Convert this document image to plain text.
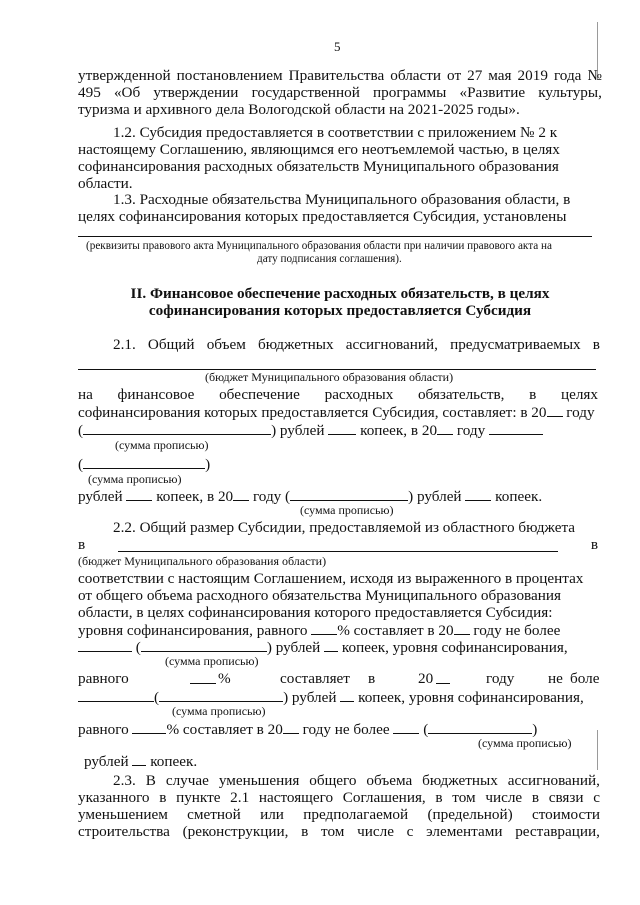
5
утвержденной постановлением Правительства области от 27 мая 2019 года №
495 «Об утверждении государственной программы «Развитие культуры,
туризма и архивного дела Вологодской области на 2021-2025 годы».
1.2. Субсидия предоставляется в соответствии с приложением № 2 к
настоящему Соглашению, являющимся его неотъемлемой частью, в целях
софинансирования расходных обязательств Муниципального образования
области.
1.3. Расходные обязательства Муниципального образования области, в
целях софинансирования которых предоставляется Субсидия, установлены
(реквизиты правового акта Муниципального образования области при наличии правового акта на
дату подписания соглашения).
II. Финансовое обеспечение расходных обязательств, в целях
софинансирования которых предоставляется Субсидия
2.1. Общий объем бюджетных ассигнований, предусматриваемых в
(бюджет Муниципального образования области)
на финансовое обеспечение расходных обязательств, в целях
софинансирования которых предоставляется Субсидия, составляет: в 20 году
(	) рублей копеек, в 20 году
(сумма прописью)
(	)
(сумма прописью)
рублей копеек, в 20 году (	) рублей копеек.
(сумма прописью)
2.2. Общий размер Субсидии, предоставляемой из областного бюджета
в	в
(бюджет Муниципального образования области)
соответствии с настоящим Соглашением, исходя из выраженного в процентах
от общего объема расходного обязательства Муниципального образования
области, в целях софинансирования которого предоставляется Субсидия:
уровня софинансирования, равного % составляет в 20 году не более
(	) рублей копеек, уровня софинансирования,
(сумма прописью)
равного	%	составляет в	20	году не боле
(	) рублей копеек, уровня софинансирования,
(сумма прописью)
равного % составляет в 20 году не более (	)
(сумма прописью)
рублей копеек.
2.3. В случае уменьшения общего объема бюджетных ассигнований,
указанного в пункте 2.1 настоящего Соглашения, в том числе в связи с
уменьшением сметной или предполагаемой (предельной) стоимости
строительства (реконструкции, в том числе с элементами реставрации,
